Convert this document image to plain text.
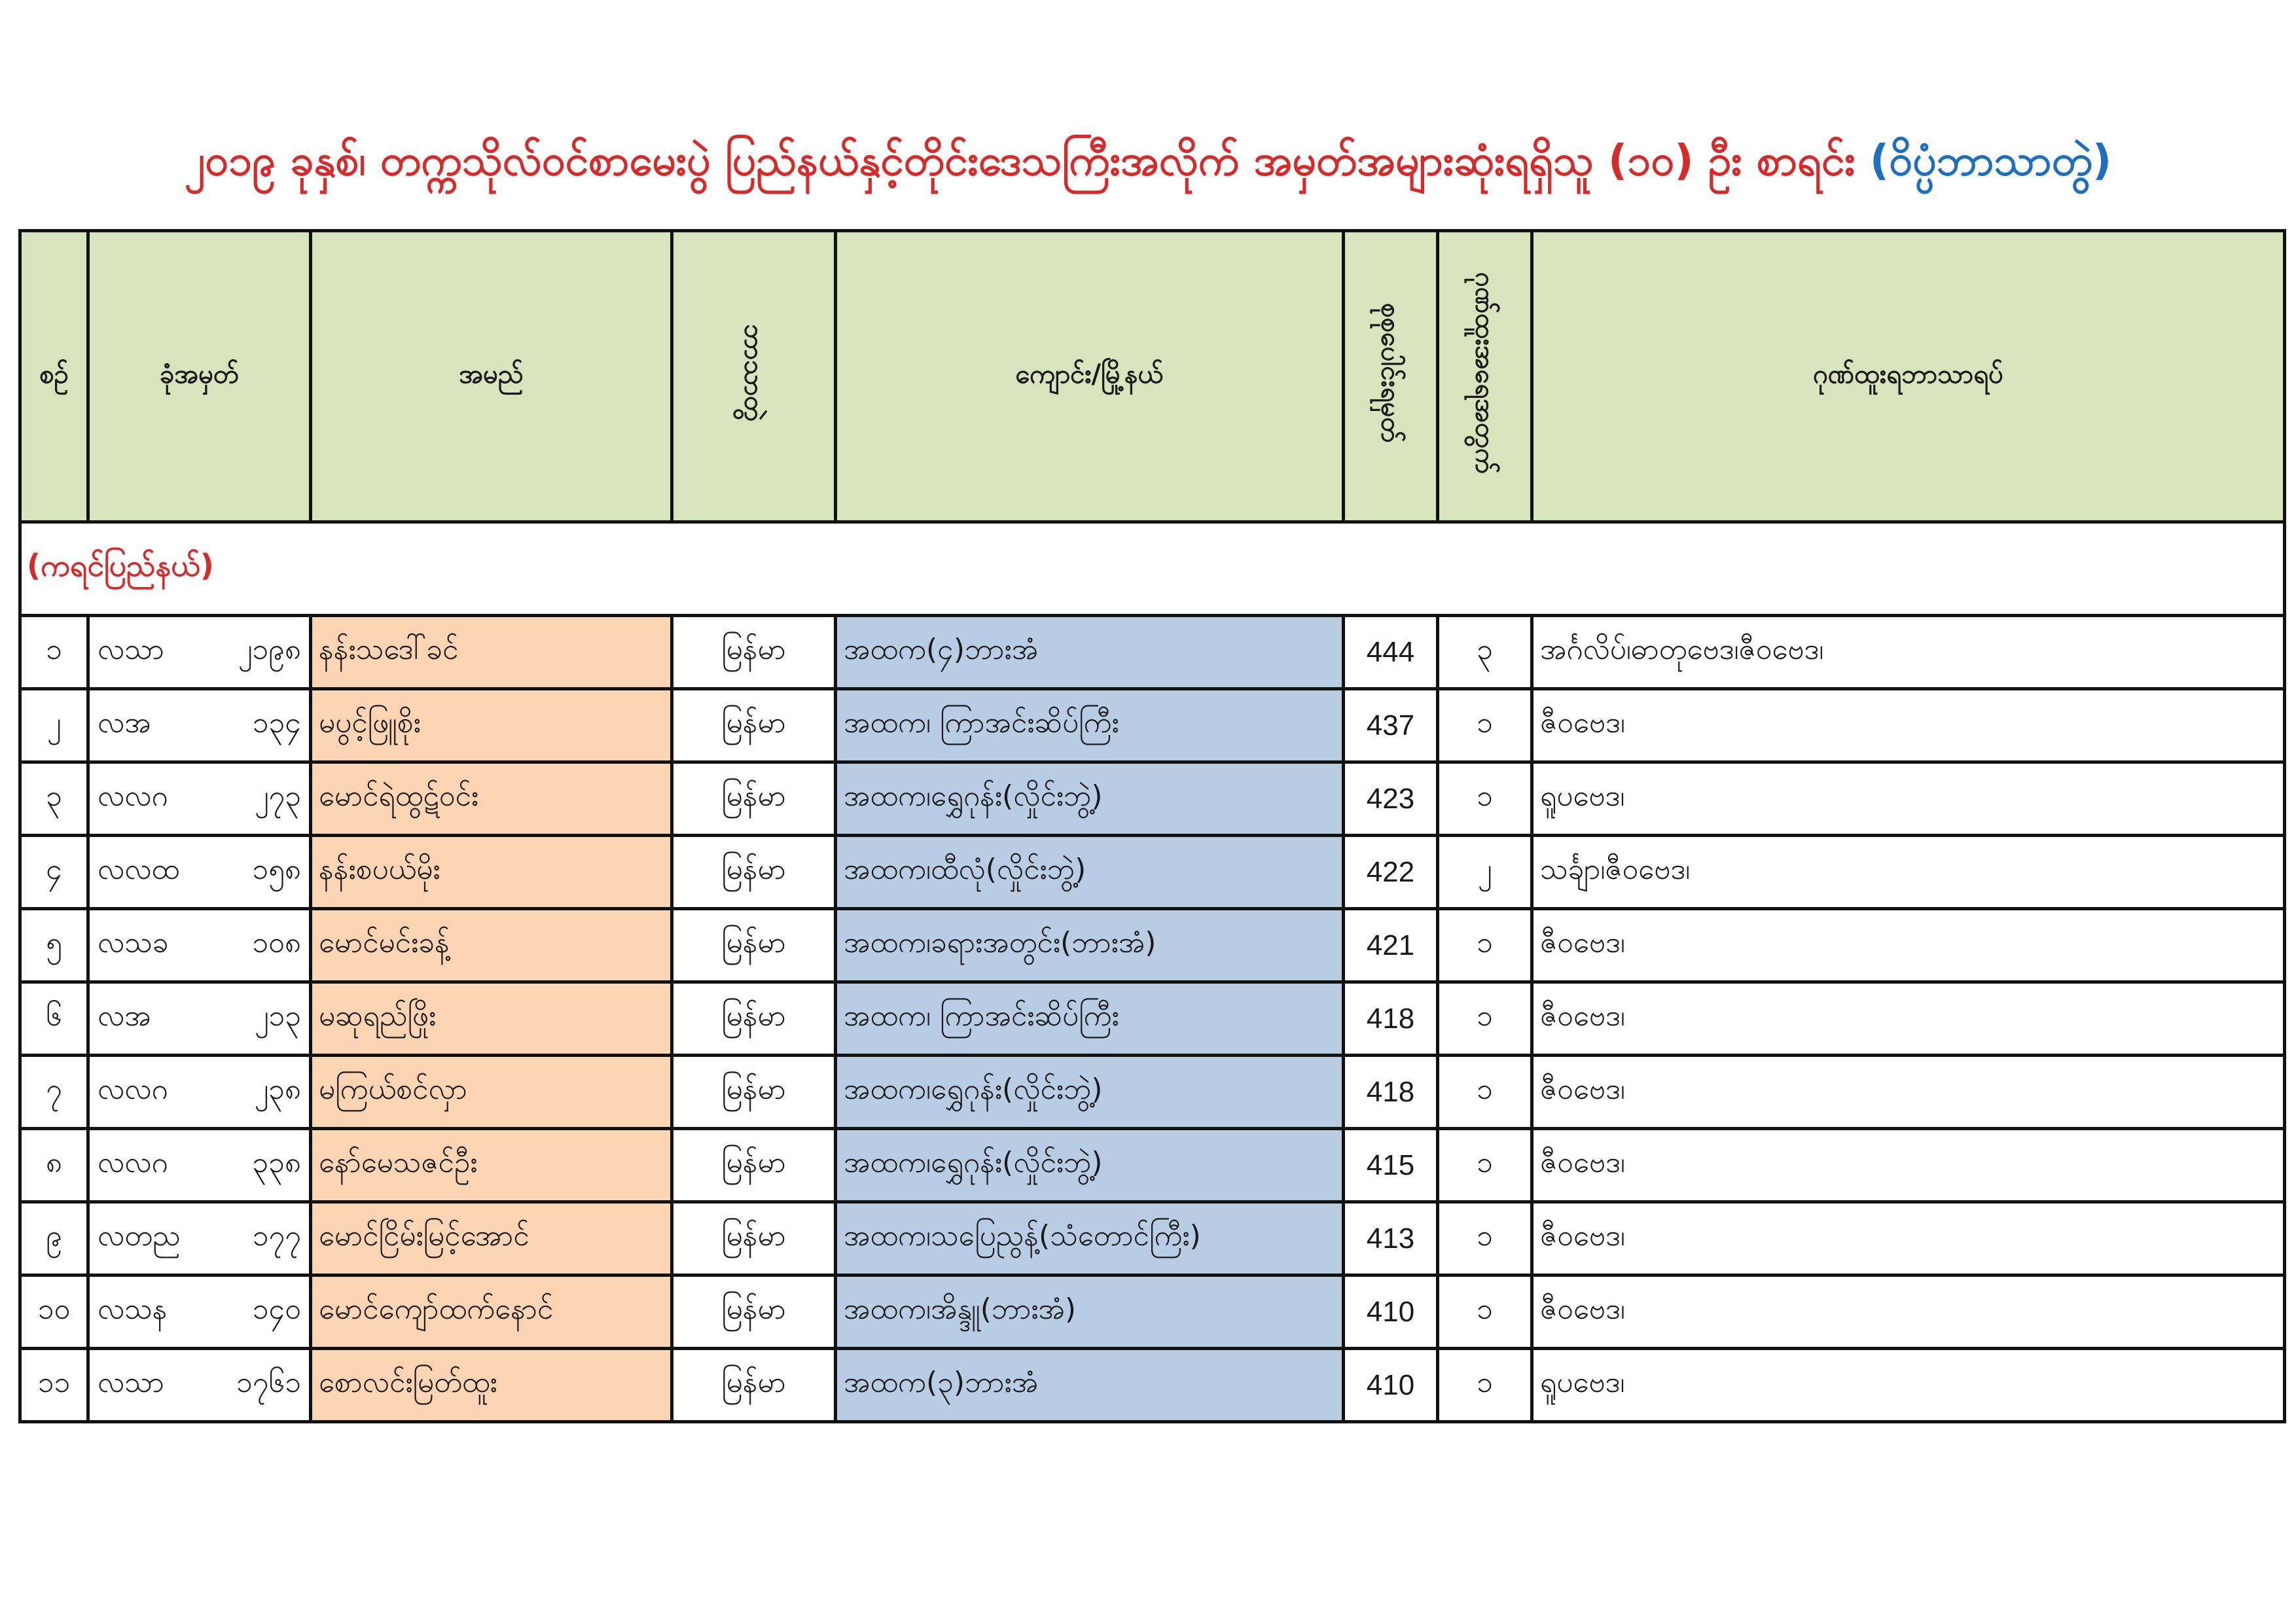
၂၀၁၉ ခုနှစ်၊ တက္ကသိုလ်ဝင်စာမေးပွဲ ပြည်နယ်နှင့်တိုင်းဒေသကြီးအလိုက် အမှတ်အများဆုံးရရှိသူ (၁၀) ဦး စာရင်း (ဝိပ္ပံဘာသာတွဲ)
စဉ်	ခုံအမှတ်	အမည်	ဘာသာတွဲ	ကျောင်း/မြို့နယ်	စုစုပေါင်းရမှတ်	ဂုဏ်ထူးအရေအတွက်	ဂုဏ်ထူးရဘာသာရပ်
(ကရင်ပြည်နယ်)							
၁	လသာ ၂၁၉၈	နန်းသဒေါ်ခင်	မြန်မာ	အထက(၄)ဘားအံ	444	၃	အင်္ဂလိပ်၊ဓာတုဗေဒ၊ဇီဝဗေဒ၊
၂	လအ ၁၃၄	မပွင့်ဖြူစိုး	မြန်မာ	အထက၊ ကြာအင်းဆိပ်ကြီး	437	၁	ဇီဝဗေဒ၊
၃	လလဂ ၂၇၃	မောင်ရဲထွဋ်ဝင်း	မြန်မာ	အထက၊ရွှေဂုန်း(လှိုင်းဘွဲ့)	423	၁	ရူပဗေဒ၊
၄	လလထ ၁၅၈	နန်းစပယ်မိုး	မြန်မာ	အထက၊ထီလုံ(လှိုင်းဘွဲ့)	422	၂	သင်္ချာ၊ဇီဝဗေဒ၊
၅	လသခ ၁၀၈	မောင်မင်းခန့်	မြန်မာ	အထက၊ခရားအတွင်း(ဘားအံ)	421	၁	ဇီဝဗေဒ၊
၆	လအ ၂၁၃	မဆုရည်ဖြိုး	မြန်မာ	အထက၊ ကြာအင်းဆိပ်ကြီး	418	၁	ဇီဝဗေဒ၊
၇	လလဂ ၂၃၈	မကြယ်စင်လှာ	မြန်မာ	အထက၊ရွှေဂုန်း(လှိုင်းဘွဲ့)	418	၁	ဇီဝဗေဒ၊
၈	လလဂ ၃၃၈	နော်မေသဇင်ဦး	မြန်မာ	အထက၊ရွှေဂုန်း(လှိုင်းဘွဲ့)	415	၁	ဇီဝဗေဒ၊
၉	လတည ၁၇၇	မောင်ငြိမ်းမြင့်အောင်	မြန်မာ	အထက၊သပြေညွန့်(သံတောင်ကြီး)	413	၁	ဇီဝဗေဒ၊
၁၀	လသန ၁၄၀	မောင်ကျော်ထက်နောင်	မြန်မာ	အထက၊အိန္ဒူ(ဘားအံ)	410	၁	ဇီဝဗေဒ၊
၁၁	လသာ ၁၇၆၁	စောလင်းမြတ်ထူး	မြန်မာ	အထက(၃)ဘားအံ	410	၁	ရူပဗေဒ၊
